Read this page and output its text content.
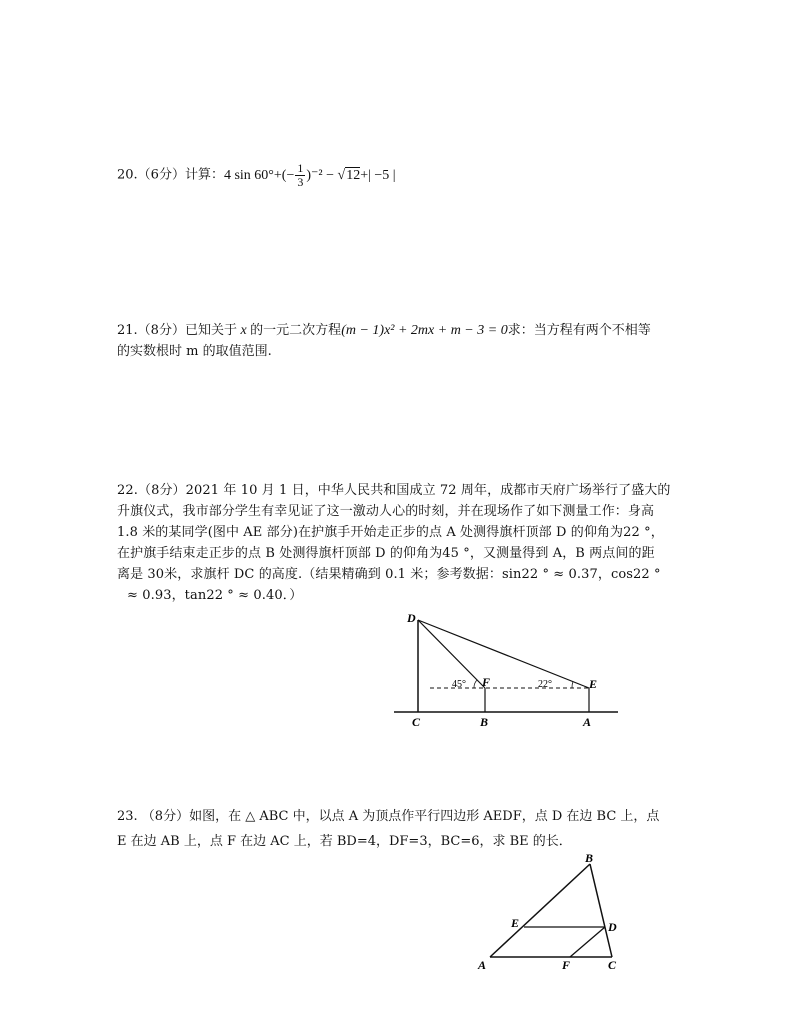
20.（6分）计算：4 $\sin 60^\circ+(- \frac{1}{3} )^{-2} - √12+| -5$ |

21.（8分）已知关于 x 的一元二次方程(m − 1)x² + 2mx + m − 3 = 0求：当方程有两个不相等

的实数根时 m 的取值范围.

22.（8分）2021 年 10 月 1 日，中华人民共和国成立 72 周年，成都市天府广场举行了盛大的

升旗仪式，我市部分学生有幸见证了这一激动人心的时刻，并在现场作了如下测量工作：身高

1.8 米的某同学(图中 AE 部分)在护旗手开始走正步的点 A 处测得旗杆顶部 D 的仰角为22 °，

在护旗手结束走正步的点 B 处测得旗杆顶部 D 的仰角为45 °，又测量得到 A，B 两点间的距

离是 30米，求旗杆 DC 的高度.（结果精确到 0.1 米；参考数据：sin22 ° ≈ 0.37，cos22 °

≈ 0.93，tan22 ° ≈ 0.40．）

D
C	B	A
F	E
45°	22°

23. （8分）如图，在 △ ABC 中，以点 A 为顶点作平行四边形 AEDF，点 D 在边 BC 上，点

E 在边 AB 上，点 F 在边 AC 上，若 BD=4，DF=3，BC=6，求 BE 的长．

A
B
C
D
E
F
